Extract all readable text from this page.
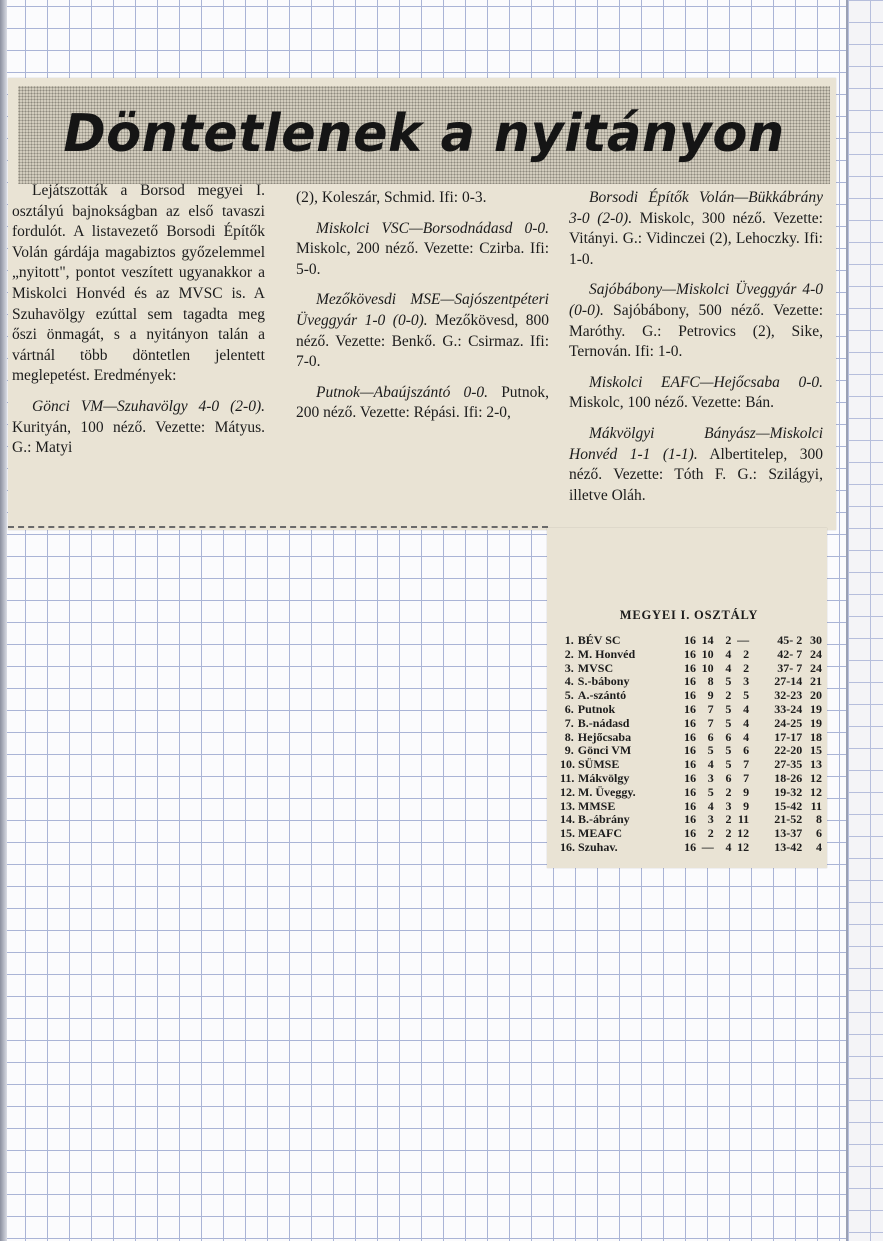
Döntetlenek a nyitányon

Lejátszották a Borsod megyei I. osztályú bajnokságban az első tavaszi fordulót. A listavezető Borsodi Építők Volán gárdája magabiztos győzelemmel „nyitott", pontot veszített ugyanakkor a Miskolci Honvéd és az MVSC is. A Szuhavölgy ezúttal sem tagadta meg őszi önmagát, s a nyitányon talán a vártnál több döntetlen jelentett meglepetést. Eredmények:

Gönci VM—Szuhavölgy 4-0 (2-0). Kurityán, 100 néző. Vezette: Mátyus. G.: Matyi

(2), Koleszár, Schmid. Ifi: 0-3.

Miskolci VSC—Borsodnádasd 0-0. Miskolc, 200 néző. Vezette: Czirba. Ifi: 5-0.

Mezőkövesdi MSE—Sajószentpéteri Üveggyár 1-0 (0-0). Mezőkövesd, 800 néző. Vezette: Benkő. G.: Csirmaz. Ifi: 7-0.

Putnok—Abaújszántó 0-0. Putnok, 200 néző. Vezette: Répási. Ifi: 2-0,

Borsodi Építők Volán—Bükkábrány 3-0 (2-0). Miskolc, 300 néző. Vezette: Vitányi. G.: Vidinczei (2), Lehoczky. Ifi: 1-0.

Sajóbábony—Miskolci Üveggyár 4-0 (0-0). Sajóbábony, 500 néző. Vezette: Maróthy. G.: Petrovics (2), Sike, Ternován. Ifi: 1-0.

Miskolci EAFC—Hejőcsaba 0-0. Miskolc, 100 néző. Vezette: Bán.

Mákvölgyi Bányász—Miskolci Honvéd 1-1 (1-1). Albertitelep, 300 néző. Vezette: Tóth F. G.: Szilágyi, illetve Oláh.

MEGYEI I. OSZTÁLY
1. BÉV SC	16 14 2 —	45- 2 30
2. M. Honvéd	16 10 4 2	42- 7 24
3. MVSC	16 10 4 2	37- 7 24
4. S.-bábony	16 8 5 3	27-14 21
5. A.-szántó	16 9 2 5	32-23 20
6. Putnok	16 7 5 4	33-24 19
7. B.-nádasd	16 7 5 4	24-25 19
8. Hejőcsaba	16 6 6 4	17-17 18
9. Gönci VM	16 5 5 6	22-20 15
10. SÜMSE	16 4 5 7	27-35 13
11. Mákvölgy	16 3 6 7	18-26 12
12. M. Üveggy.	16 5 2 9	19-32 12
13. MMSE	16 4 3 9	15-42 11
14. B.-ábrány	16 3 2 11	21-52	8
15. MEAFC	16 2 2 12	13-37	6
16. Szuhav.	16 — 4 12	13-42	4
